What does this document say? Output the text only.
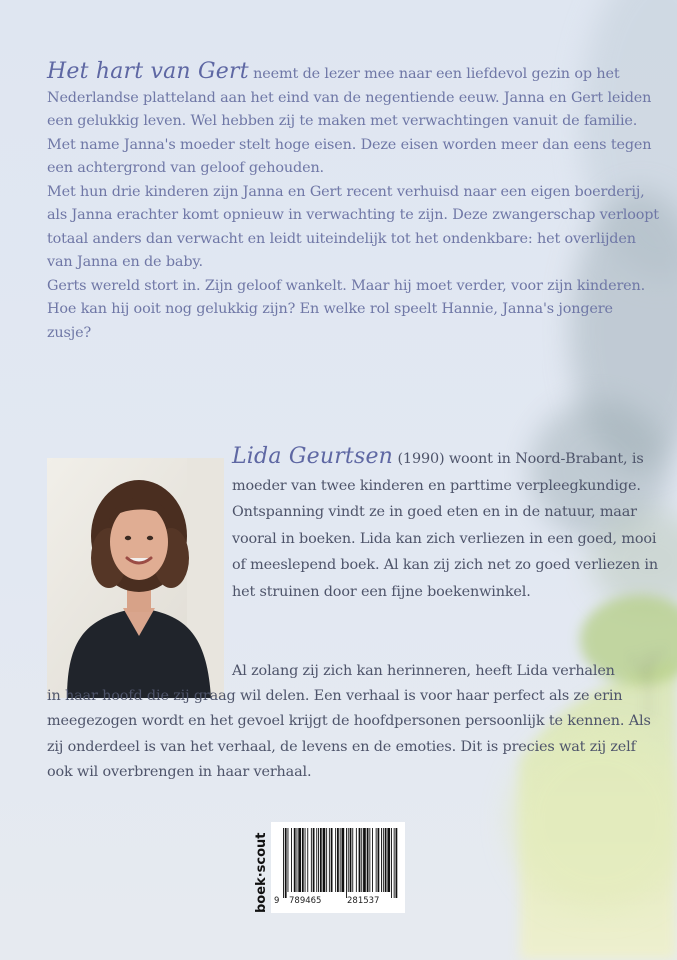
Het hart van Gert neemt de lezer mee naar een liefdevol gezin op het Nederlandse platteland aan het eind van de negentiende eeuw. Janna en Gert leiden een gelukkig leven. Wel hebben zij te maken met verwachtingen vanuit de familie. Met name Janna's moeder stelt hoge eisen. Deze eisen worden meer dan eens tegen een achtergrond van geloof gehouden.

Met hun drie kinderen zijn Janna en Gert recent verhuisd naar een eigen boerderij, als Janna erachter komt opnieuw in verwachting te zijn. Deze zwangerschap verloopt totaal anders dan verwacht en leidt uiteindelijk tot het ondenkbare: het overlijden van Janna en de baby.

Gerts wereld stort in. Zijn geloof wankelt. Maar hij moet verder, voor zijn kinderen. Hoe kan hij ooit nog gelukkig zijn? En welke rol speelt Hannie, Janna's jongere zusje?

Lida Geurtsen (1990) woont in Noord-Brabant, is moeder van twee kinderen en parttime verpleegkundige. Ontspanning vindt ze in goed eten en in de natuur, maar vooral in boeken. Lida kan zich verliezen in een goed, mooi of meeslepend boek. Al kan zij zich net zo goed verliezen in het struinen door een fijne boekenwinkel.

Al zolang zij zich kan herinneren, heeft Lida verhalen
in haar hoofd die zij graag wil delen. Een verhaal is voor haar perfect als ze erin meegezogen wordt en het gevoel krijgt de hoofdpersonen persoonlijk te kennen. Als zij onderdeel is van het verhaal, de levens en de emoties. Dit is precies wat zij zelf ook wil overbrengen in haar verhaal.

boek·scout 9 789465	281537
